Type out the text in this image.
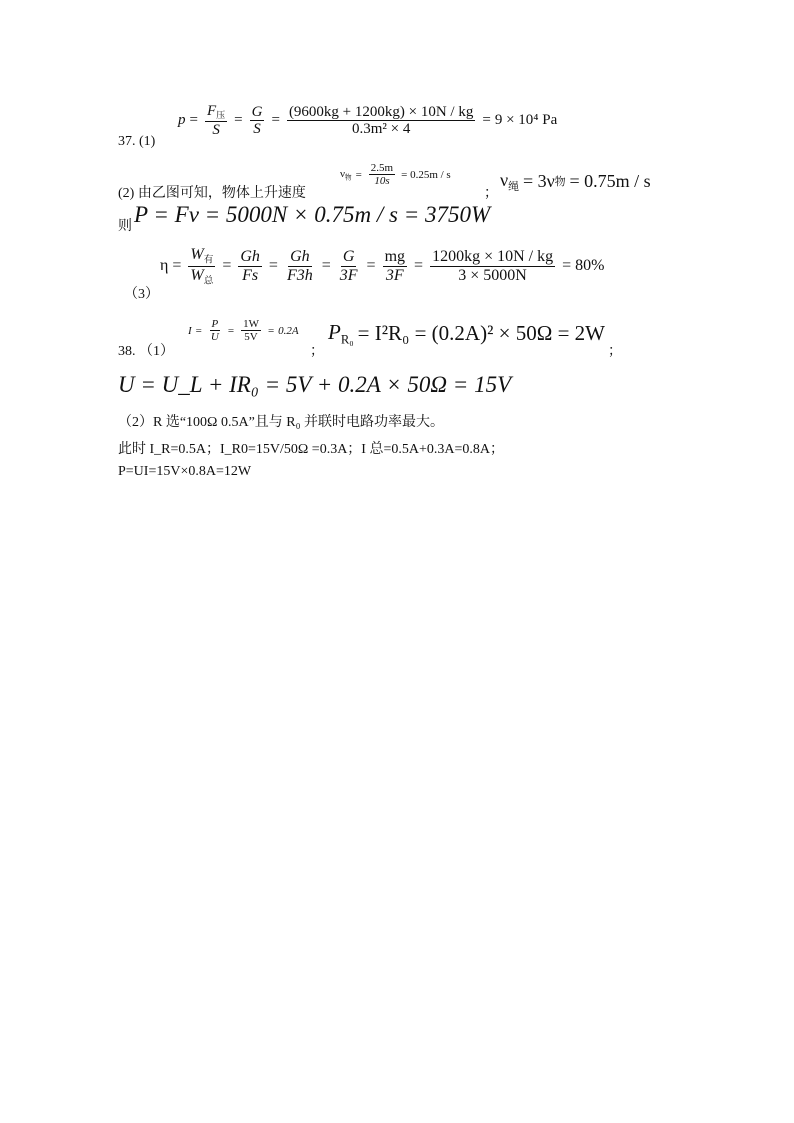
37. (1)
$p = \frac{F_压}{S} = \frac{G}{S} = \frac{(9600kg + 1200kg) \times 10N / kg}{\text{0.3m² × 4}} = 9 \times 10^4$ Pa
(2) 由乙图可知，物体上升速度
$\nu_物 = \frac{2.5m}{10s} = 0.25m / s$
；
$\nu_绳 = 3\nu$ 物 = 0.75m / s
则 P = Fν = 5000N × 0.75m / s = 3750W
（3）
$\eta = \frac{W_有}{W_总} = \frac{Gh}{Fs} = \frac{Gh}{F3h} = \frac{G}{3F} = \frac{mg}{3F} = \frac{1200kg \times 10N / kg}{3 \times 5000N} = 80\%$
38. （1）
$I = \frac{P}{U} = \frac{1W}{5V} = 0.2A$
；
$P_{R_0} = I^2R_0 = (0.2A)^2 \times 50\Omega = 2W$
；
U = U_L + IR₀ = 5V + 0.2A × 50Ω = 15V
（2）R 选“100Ω 0.5A”且与 R₀ 并联时电路功率最大。
此时 I_R=0.5A；I_R0=15V/50Ω =0.3A；I 总=0.5A+0.3A=0.8A；
P=UI=15V×0.8A=12W
